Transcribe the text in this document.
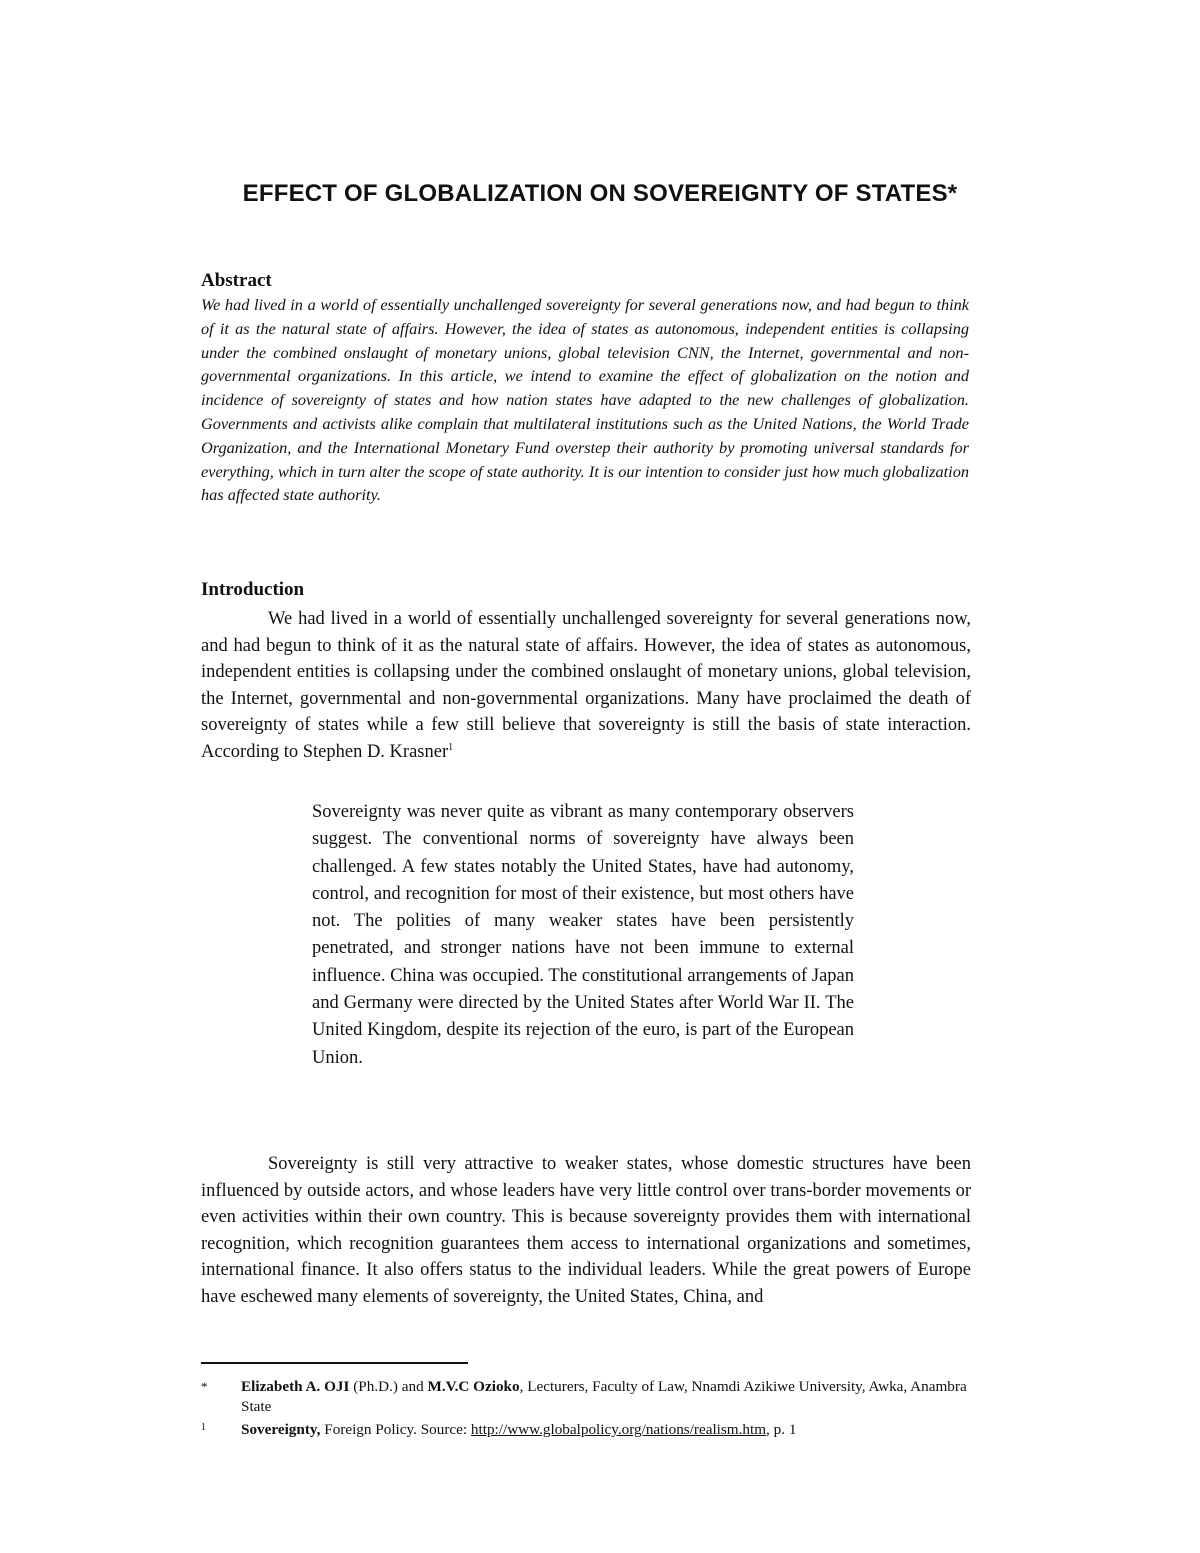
EFFECT OF GLOBALIZATION ON SOVEREIGNTY OF STATES*
Abstract
We had lived in a world of essentially unchallenged sovereignty for several generations now, and had begun to think of it as the natural state of affairs. However, the idea of states as autonomous, independent entities is collapsing under the combined onslaught of monetary unions, global television CNN, the Internet, governmental and non-governmental organizations. In this article, we intend to examine the effect of globalization on the notion and incidence of sovereignty of states and how nation states have adapted to the new challenges of globalization. Governments and activists alike complain that multilateral institutions such as the United Nations, the World Trade Organization, and the International Monetary Fund overstep their authority by promoting universal standards for everything, which in turn alter the scope of state authority. It is our intention to consider just how much globalization has affected state authority.
Introduction
We had lived in a world of essentially unchallenged sovereignty for several generations now, and had begun to think of it as the natural state of affairs. However, the idea of states as autonomous, independent entities is collapsing under the combined onslaught of monetary unions, global television, the Internet, governmental and non-governmental organizations. Many have proclaimed the death of sovereignty of states while a few still believe that sovereignty is still the basis of state interaction. According to Stephen D. Krasner$^1$
Sovereignty was never quite as vibrant as many contemporary observers suggest. The conventional norms of sovereignty have always been challenged. A few states notably the United States, have had autonomy, control, and recognition for most of their existence, but most others have not. The polities of many weaker states have been persistently penetrated, and stronger nations have not been immune to external influence. China was occupied. The constitutional arrangements of Japan and Germany were directed by the United States after World War II. The United Kingdom, despite its rejection of the euro, is part of the European Union.
Sovereignty is still very attractive to weaker states, whose domestic structures have been influenced by outside actors, and whose leaders have very little control over trans-border movements or even activities within their own country. This is because sovereignty provides them with international recognition, which recognition guarantees them access to international organizations and sometimes, international finance. It also offers status to the individual leaders. While the great powers of Europe have eschewed many elements of sovereignty, the United States, China, and
* Elizabeth A. OJI (Ph.D.) and M.V.C Ozioko, Lecturers, Faculty of Law, Nnamdi Azikiwe University, Awka, Anambra State
1 Sovereignty, Foreign Policy. Source: http://www.globalpolicy.org/nations/realism.htm, p. 1
